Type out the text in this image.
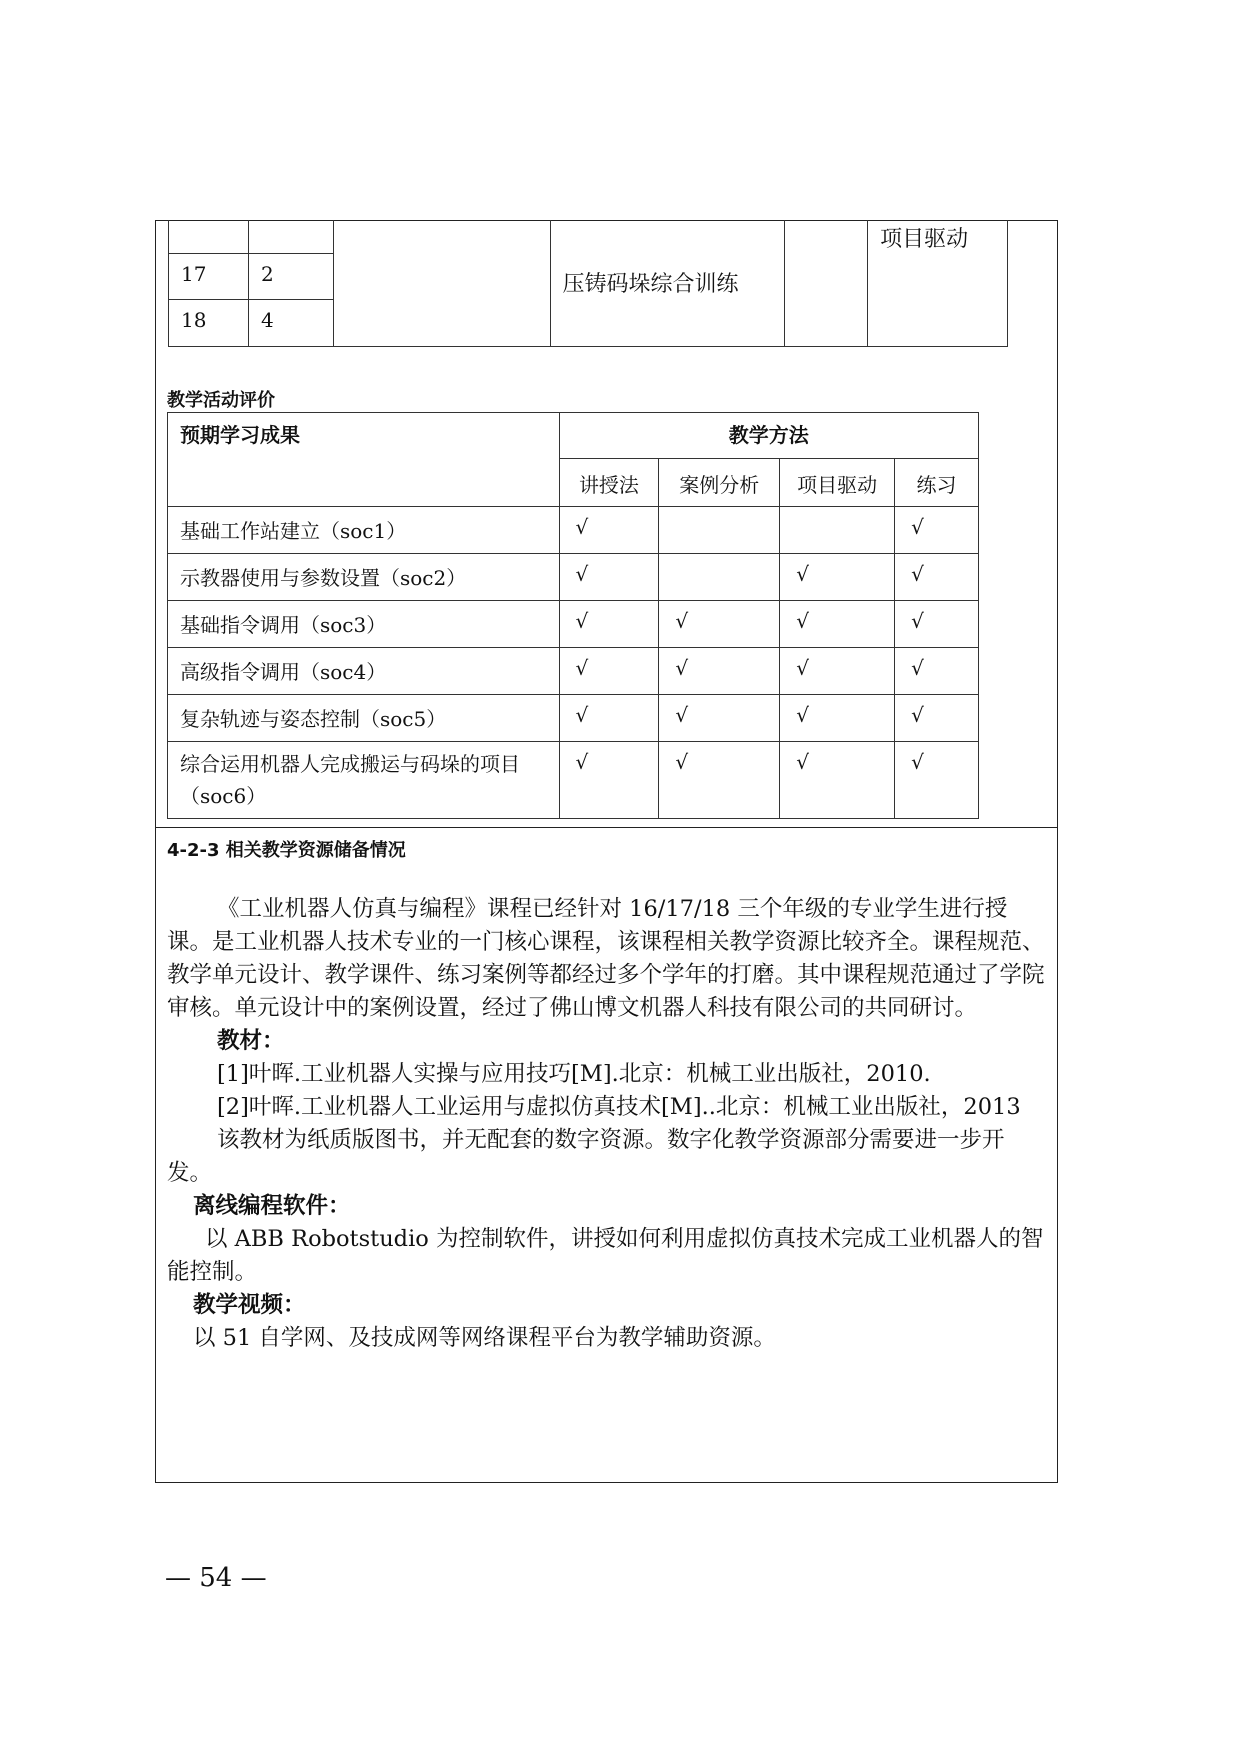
			压铸码垛综合训练		项目驱动
17	2				
18	4				
教学活动评价
预期学习成果	教学方法			
	讲授法	案例分析	项目驱动	练习
基础工作站建立（soc1）	√			√
示教器使用与参数设置（soc2）	√		√	√
基础指令调用（soc3）	√	√	√	√
高级指令调用（soc4）	√	√	√	√
复杂轨迹与姿态控制（soc5）	√	√	√	√
综合运用机器人完成搬运与码垛的项目（soc6）	√	√	√	√
4-2-3 相关教学资源储备情况

《工业机器人仿真与编程》课程已经针对 16/17/18 三个年级的专业学生进行授课。是工业机器人技术专业的一门核心课程，该课程相关教学资源比较齐全。课程规范、教学单元设计、教学课件、练习案例等都经过多个学年的打磨。其中课程规范通过了学院审核。单元设计中的案例设置，经过了佛山博文机器人科技有限公司的共同研讨。

教材：

[1]叶晖.工业机器人实操与应用技巧[M].北京：机械工业出版社，2010.

[2]叶晖.工业机器人工业运用与虚拟仿真技术[M]..北京：机械工业出版社，2013

该教材为纸质版图书，并无配套的数字资源。数字化教学资源部分需要进一步开发。

离线编程软件：

以 ABB Robotstudio 为控制软件，讲授如何利用虚拟仿真技术完成工业机器人的智能控制。

教学视频：

以 51 自学网、及技成网等网络课程平台为教学辅助资源。

— 54 —
